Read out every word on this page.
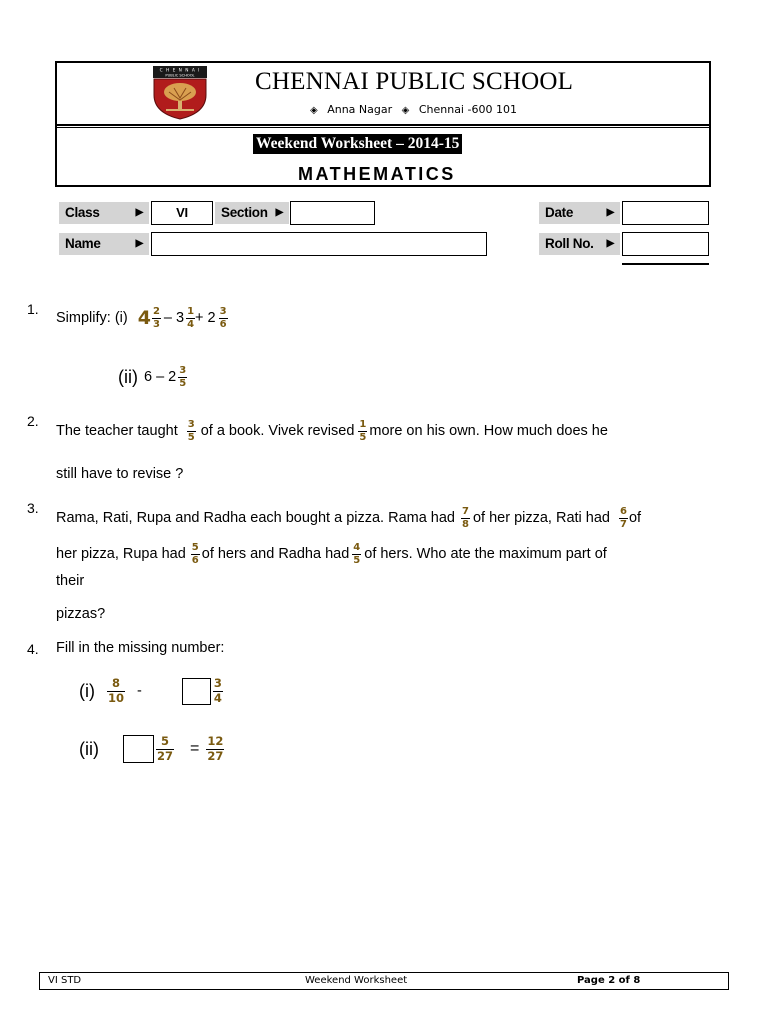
C H E N N A I
PUBLIC SCHOOL CHENNAI PUBLIC SCHOOL
◈ Anna Nagar ◈ Chennai -600 101
Weekend Worksheet – 2014-15
MATHEMATICS
Class	▶	VI	Section ▶	Date	▶
Name	▶	Roll No. ▶
1.
Simplify: (i) $4 \frac{2}{3} - 3 \frac{1}{4} + 2 \frac{3}{6}$
(ii) $6 - 2 \frac{3}{5}$
2.
The teacher taught $\frac{3}{5}$ of a book. Vivek revised $\frac{1}{5}$ more on his own. How much does he
still have to revise ?
3.
Rama, Rati, Rupa and Radha each bought a pizza. Rama had $\frac{7}{8}$ of her pizza, Rati had $\frac{6}{7}$ of
her pizza, Rupa had $\frac{5}{6}$ of hers and Radha had $\frac{4}{5}$ of hers. Who ate the maximum part of
their
pizzas?
4. Fill in the missing number:
$(i) \frac{8}{10}$ -	$\frac{3}{4}$
(ii)	$\frac{5}{27} = \frac{12}{27}$
VI STD	Weekend Worksheet	Page 2 of 8
